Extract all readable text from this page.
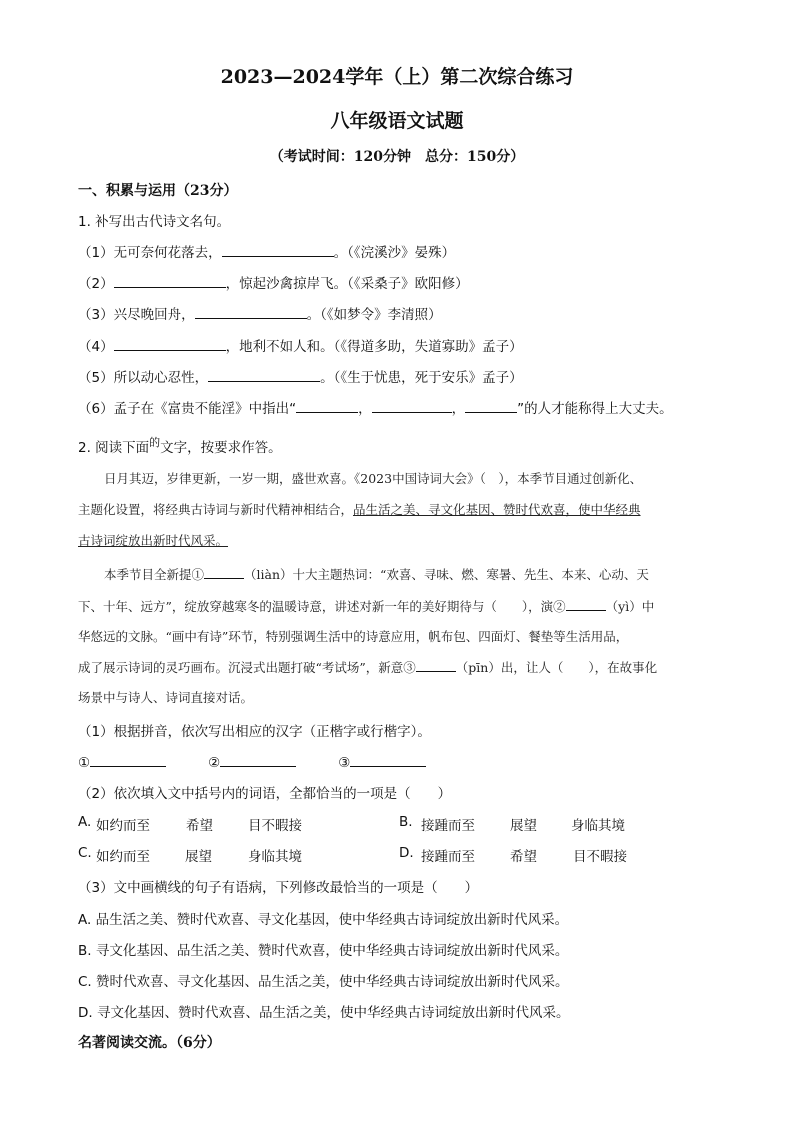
2023—2024学年（上）第二次综合练习
八年级语文试题
（考试时间：120分钟　总分：150分）
一、积累与运用（23分）
1. 补写出古代诗文名句。
（1）无可奈何花落去，	。（《浣溪沙》晏殊）
（2）	，惊起沙禽掠岸飞。（《采桑子》欧阳修）
（3）兴尽晚回舟，	。（《如梦令》李清照）
（4）	，地利不如人和。（《得道多助，失道寡助》孟子）
（5）所以动心忍性，	。（《生于忧患，死于安乐》孟子）
（6）孟子在《富贵不能淫》中指出“	，	，	”的人才能称得上大丈夫。
2. 阅读下面$^的$文字，按要求作答。
日月其迈，岁律更新，一岁一期，盛世欢喜。《2023中国诗词大会》（　），本季节目通过创新化、
主题化设置，将经典古诗词与新时代精神相结合，品生活之美、寻文化基因、赞时代欢喜，使中华经典
古诗词绽放出新时代风采。
本季节目全新提①	（liàn）十大主题热词：“欢喜、寻味、燃、寒暑、先生、本来、心动、天
下、十年、远方”，绽放穿越寒冬的温暖诗意，讲述对新一年的美好期待与（　　），演②	（yì）中
华悠远的文脉。“画中有诗”环节，特别强调生活中的诗意应用，帆布包、四面灯、餐垫等生活用品，
成了展示诗词的灵巧画布。沉浸式出题打破“考试场”，新意③	（pīn）出，让人（　　），在故事化
场景中与诗人、诗词直接对话。
（1）根据拼音，依次写出相应的汉字（正楷字或行楷字）。
①	②	③
（2）依次填入文中括号内的词语，全都恰当的一项是（　　）
A. 如约而至	希望	目不暇接	B. 接踵而至	展望	身临其境
C. 如约而至	展望	身临其境	D. 接踵而至	希望	目不暇接
（3）文中画横线的句子有语病，下列修改最恰当的一项是（　　）
A. 品生活之美、赞时代欢喜、寻文化基因，使中华经典古诗词绽放出新时代风采。
B. 寻文化基因、品生活之美、赞时代欢喜，使中华经典古诗词绽放出新时代风采。
C. 赞时代欢喜、寻文化基因、品生活之美，使中华经典古诗词绽放出新时代风采。
D. 寻文化基因、赞时代欢喜、品生活之美，使中华经典古诗词绽放出新时代风采。
名著阅读交流。（6分）
